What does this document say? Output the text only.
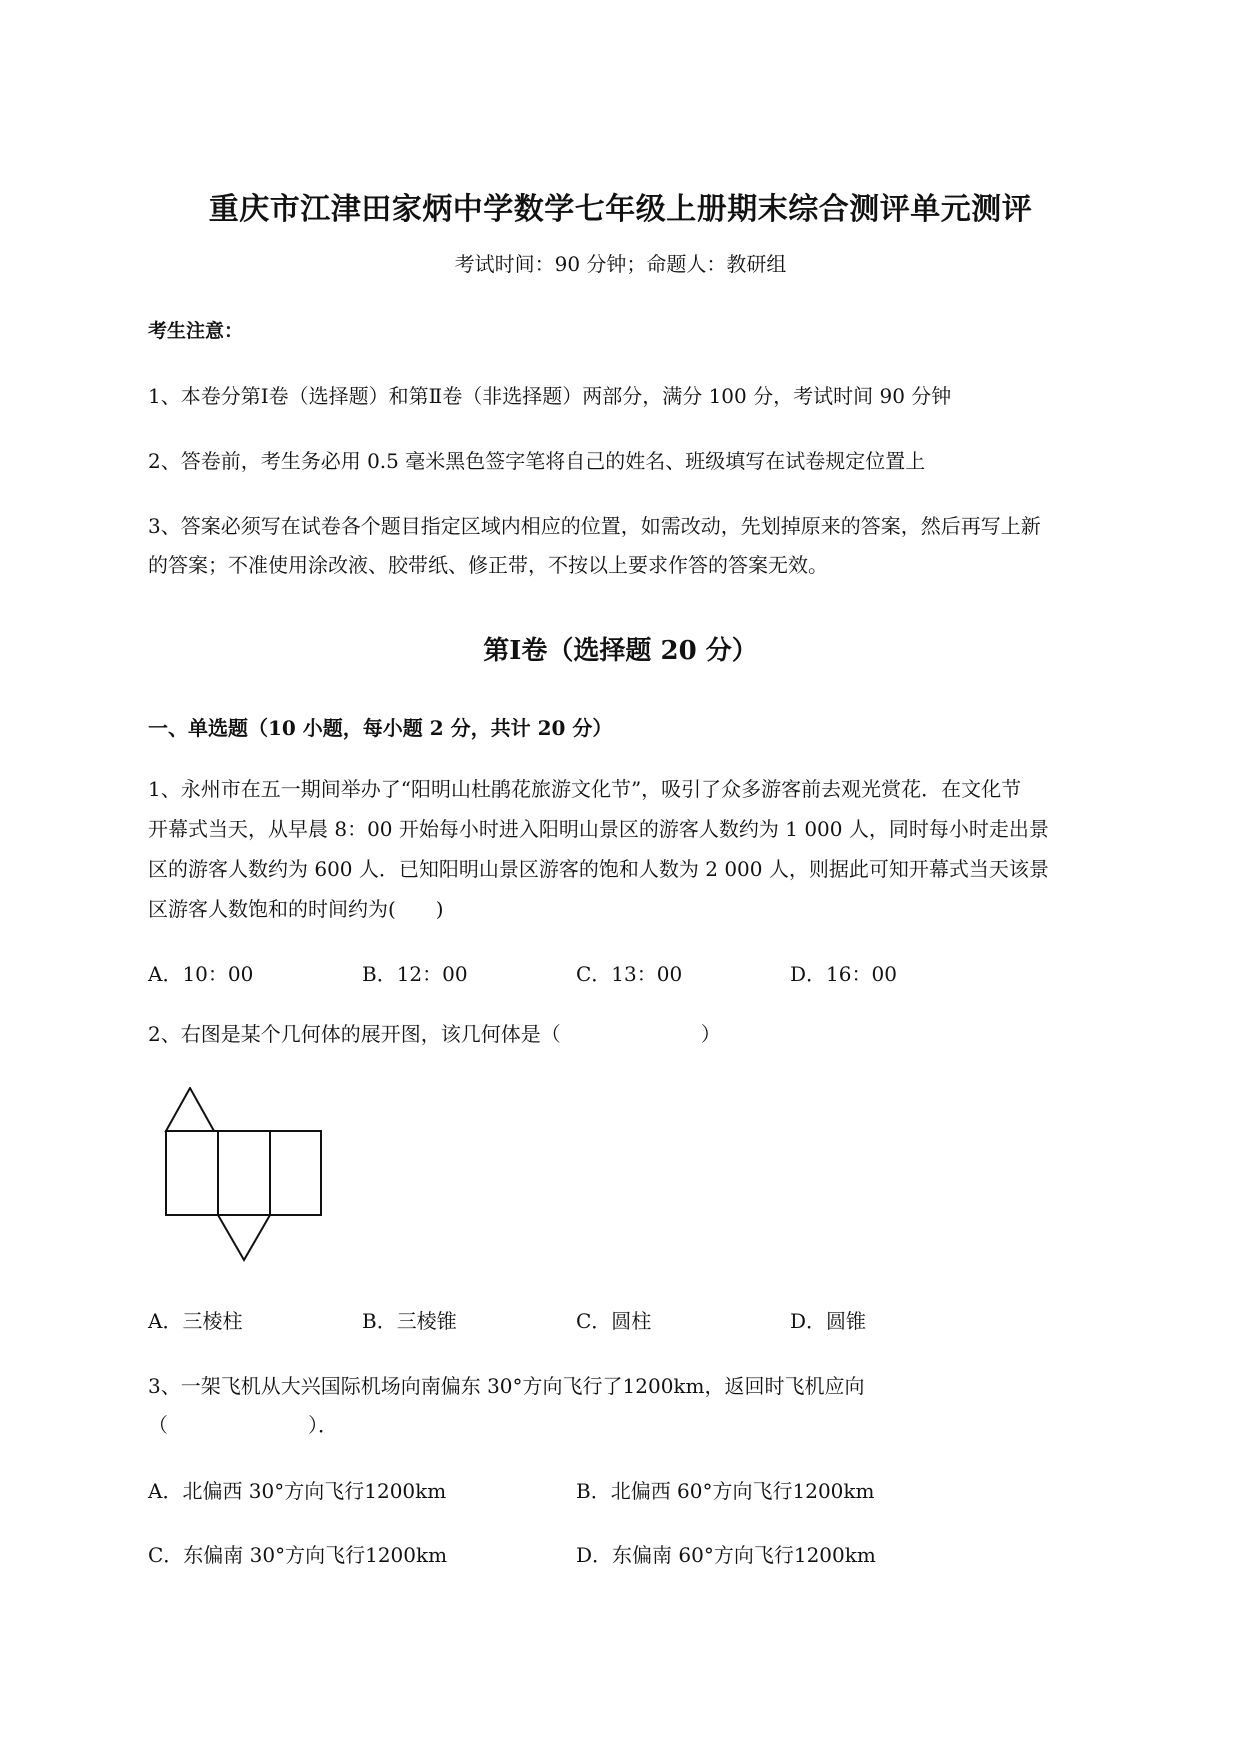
重庆市江津田家炳中学数学七年级上册期末综合测评单元测评
考试时间：90 分钟；命题人：教研组
考生注意：
1、本卷分第Ⅰ卷（选择题）和第Ⅱ卷（非选择题）两部分，满分 100 分，考试时间 90 分钟
2、答卷前，考生务必用 0.5 毫米黑色签字笔将自己的姓名、班级填写在试卷规定位置上
3、答案必须写在试卷各个题目指定区域内相应的位置，如需改动，先划掉原来的答案，然后再写上新
的答案；不准使用涂改液、胶带纸、修正带，不按以上要求作答的答案无效。
第Ⅰ卷（选择题 20 分）
一、单选题（10 小题，每小题 2 分，共计 20 分）
1、永州市在五一期间举办了“阳明山杜鹃花旅游文化节”，吸引了众多游客前去观光赏花．在文化节
开幕式当天，从早晨 8：00 开始每小时进入阳明山景区的游客人数约为 1 000 人，同时每小时走出景
区的游客人数约为 600 人．已知阳明山景区游客的饱和人数为 2 000 人，则据此可知开幕式当天该景
区游客人数饱和的时间约为(　　)
A．10：00	B．12：00	C．13：00	D．16：00
2、右图是某个几何体的展开图，该几何体是（　　　　　　　）
A．三棱柱	B．三棱锥	C．圆柱	D．圆锥
3、一架飞机从大兴国际机场向南偏东 30°方向飞行了1200km，返回时飞机应向
（　　　　　　　）．
A．北偏西 30°方向飞行1200km	B．北偏西 60°方向飞行1200km
C．东偏南 30°方向飞行1200km	D．东偏南 60°方向飞行1200km
